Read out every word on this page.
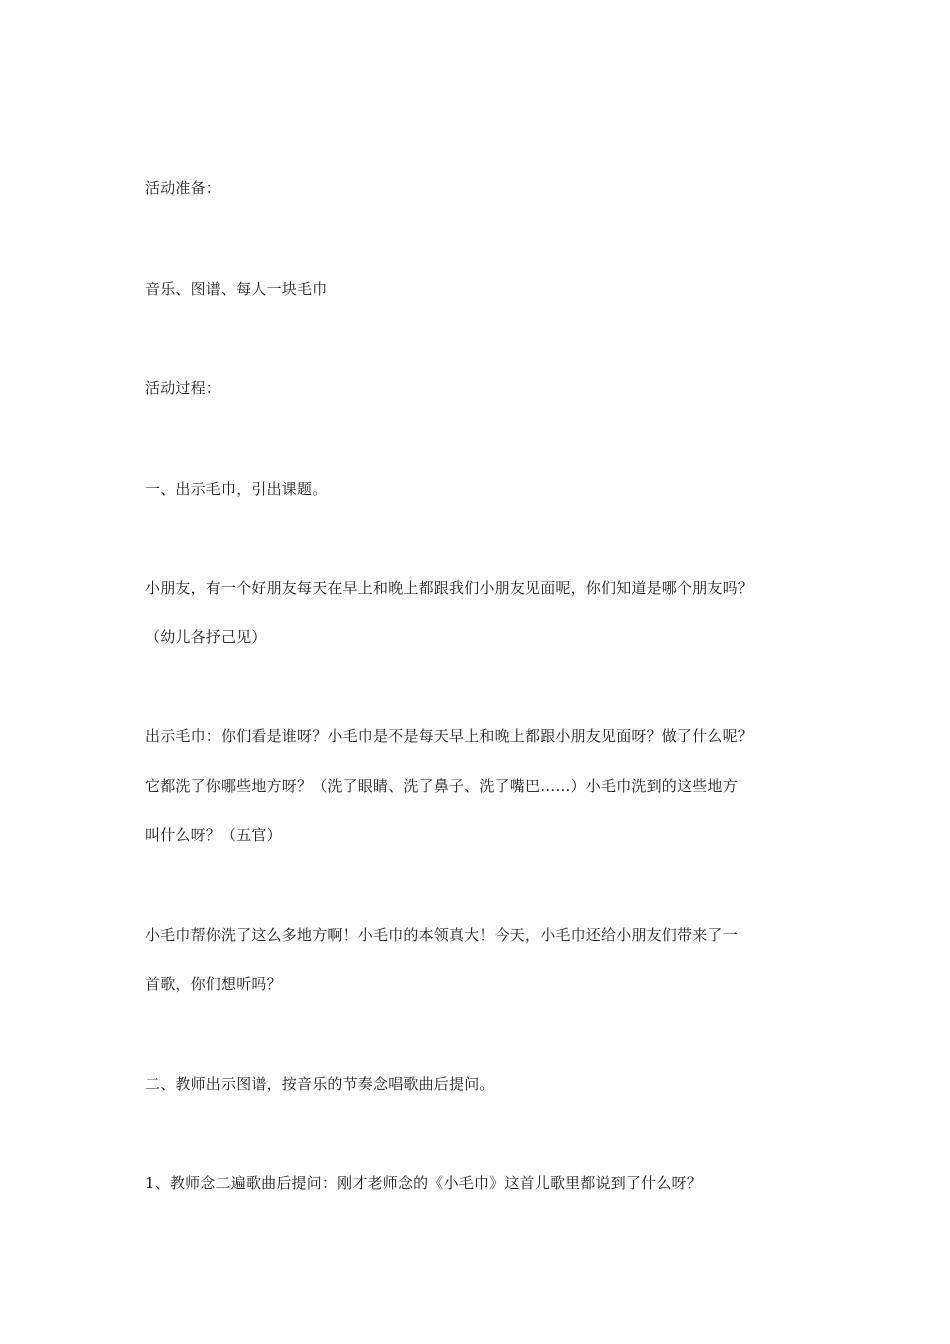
活动准备：
音乐、图谱、每人一块毛巾
活动过程：
一、出示毛巾，引出课题。
小朋友，有一个好朋友每天在早上和晚上都跟我们小朋友见面呢，你们知道是哪个朋友吗？
（幼儿各抒己见）
出示毛巾：你们看是谁呀？小毛巾是不是每天早上和晚上都跟小朋友见面呀？做了什么呢？
它都洗了你哪些地方呀？（洗了眼睛、洗了鼻子、洗了嘴巴……）小毛巾洗到的这些地方
叫什么呀？（五官）
小毛巾帮你洗了这么多地方啊！小毛巾的本领真大！今天，小毛巾还给小朋友们带来了一
首歌，你们想听吗？
二、教师出示图谱，按音乐的节奏念唱歌曲后提问。
1、教师念二遍歌曲后提问：刚才老师念的《小毛巾》这首儿歌里都说到了什么呀？
